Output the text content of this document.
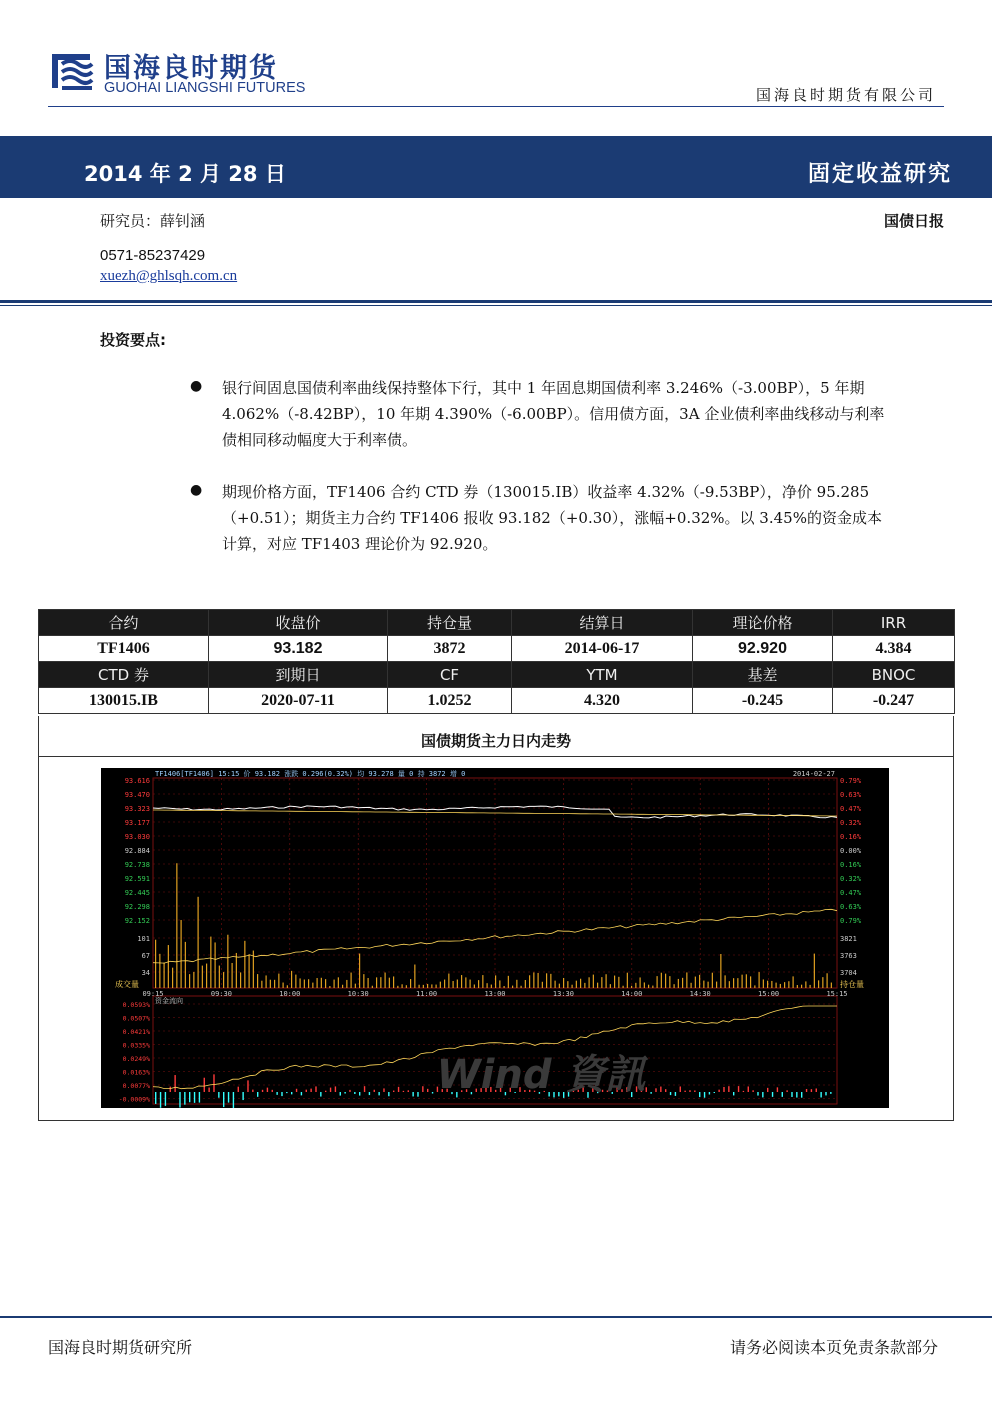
国海良时期货
GUOHAI LIANGSHI FUTURES	国海良时期货有限公司
2014 年 2 月 28 日	固定收益研究
研究员：薛钊涵	国债日报
0571-85237429
xuezh@ghlsqh.com.cn
投资要点:
● 银行间固息国债利率曲线保持整体下行，其中 1 年固息期国债利率 3.246%（-3.00BP），5 年期 4.062%（-8.42BP），10 年期 4.390%（-6.00BP）。信用债方面，3A 企业债利率曲线移动与利率债相同移动幅度大于利率债。
● 期现价格方面，TF1406 合约 CTD 券（130015.IB）收益率 4.32%（-9.53BP），净价 95.285（+0.51）；期货主力合约 TF1406 报收 93.182（+0.30），涨幅+0.32%。以 3.45%的资金成本计算，对应 TF1403 理论价为 92.920。
合约	收盘价	持仓量	结算日	理论价格	IRR
TF1406	93.182	3872	2014-06-17	92.920	4.384
CTD 券	到期日	CF	YTM	基差	BNOC
130015.IB	2020-07-11	1.0252	4.320	-0.245	-0.247
国债期货主力日内走势
Wind 資訊
93.616	0.79%
93.470	0.63%
93.323	0.47%
93.177	0.32%
93.030	0.16%
92.884	0.00%
92.738	0.16%
92.591	0.32%
92.445	0.47%
92.298	0.63%
92.152	0.79%
101	3821
67	3763
34	3704
成交量	持仓量
09:15	09:30	10:00	10:30	11:00	13:00	13:30	14:00	14:30	15:00	15:15
TF1406[TF1406] 15:15 价 93.182 涨跌 0.296(0.32%) 均 93.278 量 0 持 3872 增 0	2014-02-27
资金流向
0.0593%
0.0507%
0.0421%
0.0335%
0.0249%
0.0163%
0.0077%
-0.0009%
国海良时期货研究所	请务必阅读本页免责条款部分
